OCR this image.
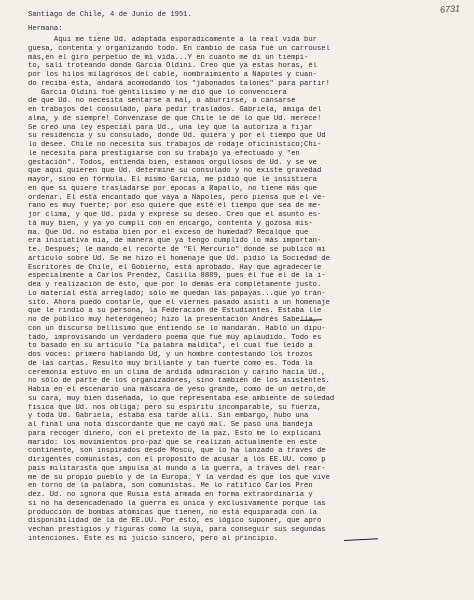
6731
Santiago de Chile, 4 de Junio de 1951.
Hermana:
Aqui me tiene Ud. adaptada esporadicamente a la real vida bur
guesa, contenta y organizando todo. En cambio de casa fué un carrousel
más,en el giro perpetuo de mi vida...Y en cuanto me dí un tiempi-
to, salí troteando donde Garcia Oldini. Creo que ya estas horas, él
por los hilos milagrosos del cable, nombraimiento a Nápoles y cuan-
do reciba ésta, andará acomodando los "jabonados talones" para partir!
Garcia Oldini fué gentilísimo y me dió que lo convenciera
de que Ud. no necesita sentarse a mal, a aburrirse, a cansarse
en trabajos del consulado, para pedir traslados. Gabriela, amiga del
alma, y de siempre! Convénzase de que Chile le dé lo que Ud. merece!
Se creó una ley especial para Ud., una ley que la autoriza a fijar
su residencia y su consulado, donde Ud. quiera y por el tiempo que Ud
lo desee. Chile no necesita sus trabajos de rodaje oficinístico;Chi-
le necesita para prestigiarse con su trabajo ya efectuado y "en
gestación". Todos, entienda bien, estamos orgullosos de Ud. y se ve
que aquí quieren que Ud. determine su consulado y no existe gravedad
mayor, sino en fórmula. El mismo Garcia, me pidió que le insistiera
en que si quiere trasladarse por épocas a Rapallo, no tiene más que
ordenar. El está encantado que vaya a Nápoles, pero piensa que el ve-
rano es muy fuerte; por eso quiere que esté el tiempo que sea de me-
jor clima, y que Ud. pida y exprese su deseo. Creo que el asunto es-
tá muy bien, y ya yo cumplí con en encargo, contenta y gozosa mís-
ma. Que Ud. no estaba bien por el exceso de humedad? Recalqué que
era iniciativa mía, de manera que ya tengo cumplido lo más importan-
te. Después; le mando el recorte de "El Mercurio" donde se publicó mi
artículo sobre Ud. Se me hizo el homenaje que Ud. pidió la Sociedad de
Escritores de Chile, el Gobierno, está aprobado. Hay que agradecerle
especialmente a Carlos Prendez, Casilla 8889, pues él fué el de la i-
dea y realización de ésto, que por lo demás era completamente justo.
Lo material está arreglado; sólo me quedan las papayas...que yo trán-
sito. Ahora puedo contarle, que el viernes pasado asistí a un homenaje
que le rindió a su persona, la Federación de Estudiantes. Estaba lle
no de público muy heterogéneo; hizo la presentación Andrés Sabella,
con un discurso bellísimo que entiendo se lo mandarán. Habló un dipu-
tado, improvisando un verdadero poema que fué muy aplaudido. Todo es
to basado en su artículo "La palabra maldita", el cual fué leído a
dos voces: primero hablando Ud, y un hombre contestando los trozos
de las cartas. Resultó muy brillante y tan fuerte como es. Toda la
ceremonia estuvo en un clima de ardida admiración y cariño hacia Ud.,
no sólo de parte de los organizadores, sino también de los asistentes.
Había en el escenario una máscara de yeso grande, como de un metro,de
su cara, muy bien diseñada, lo que representaba ese ambiente de soledad
física que Ud. nos obliga; pero su espíritu incomparable, su fuerza,
y toda Ud. Gabriela, estaba esa tarde allí. Sin embargo, hubo una
al final una nota discordante que me cayó mal. Se pasó una bandeja
para recoger dinero, con el pretexto de la paz. Esto me lo explicaní
marido: los movimientos pro-paz que se realizan actualmente en este
continente, son inspirados desde Moscú, que lo ha lanzado a traves de
dirigentes comunistas, con el proposito de acusar a los EE.UU. como p
país militarista que impulsa al mundo a la guerra, a traves del rear-
me de su propio pueblo y de la Europa. Y la verdad es que los que vive
en torno de la palabra, son comunistas. Me lo ratificó Carlos Pren
dez. Ud. no ignora que Rusia está armada en forma extraordinaria y
si no ha desencadenado la guerra es única y exclusivamente porque las
producción de bombas atómicas que tienen, no está equiparada con la
disponibilidad de la de EE.UU. Por ésto, es lógico suponer, que apro
vechan prestigios y figuras como la suya, para conseguir sus segundas
intenciones. Este es mi juicio sincero, pero al principio.
